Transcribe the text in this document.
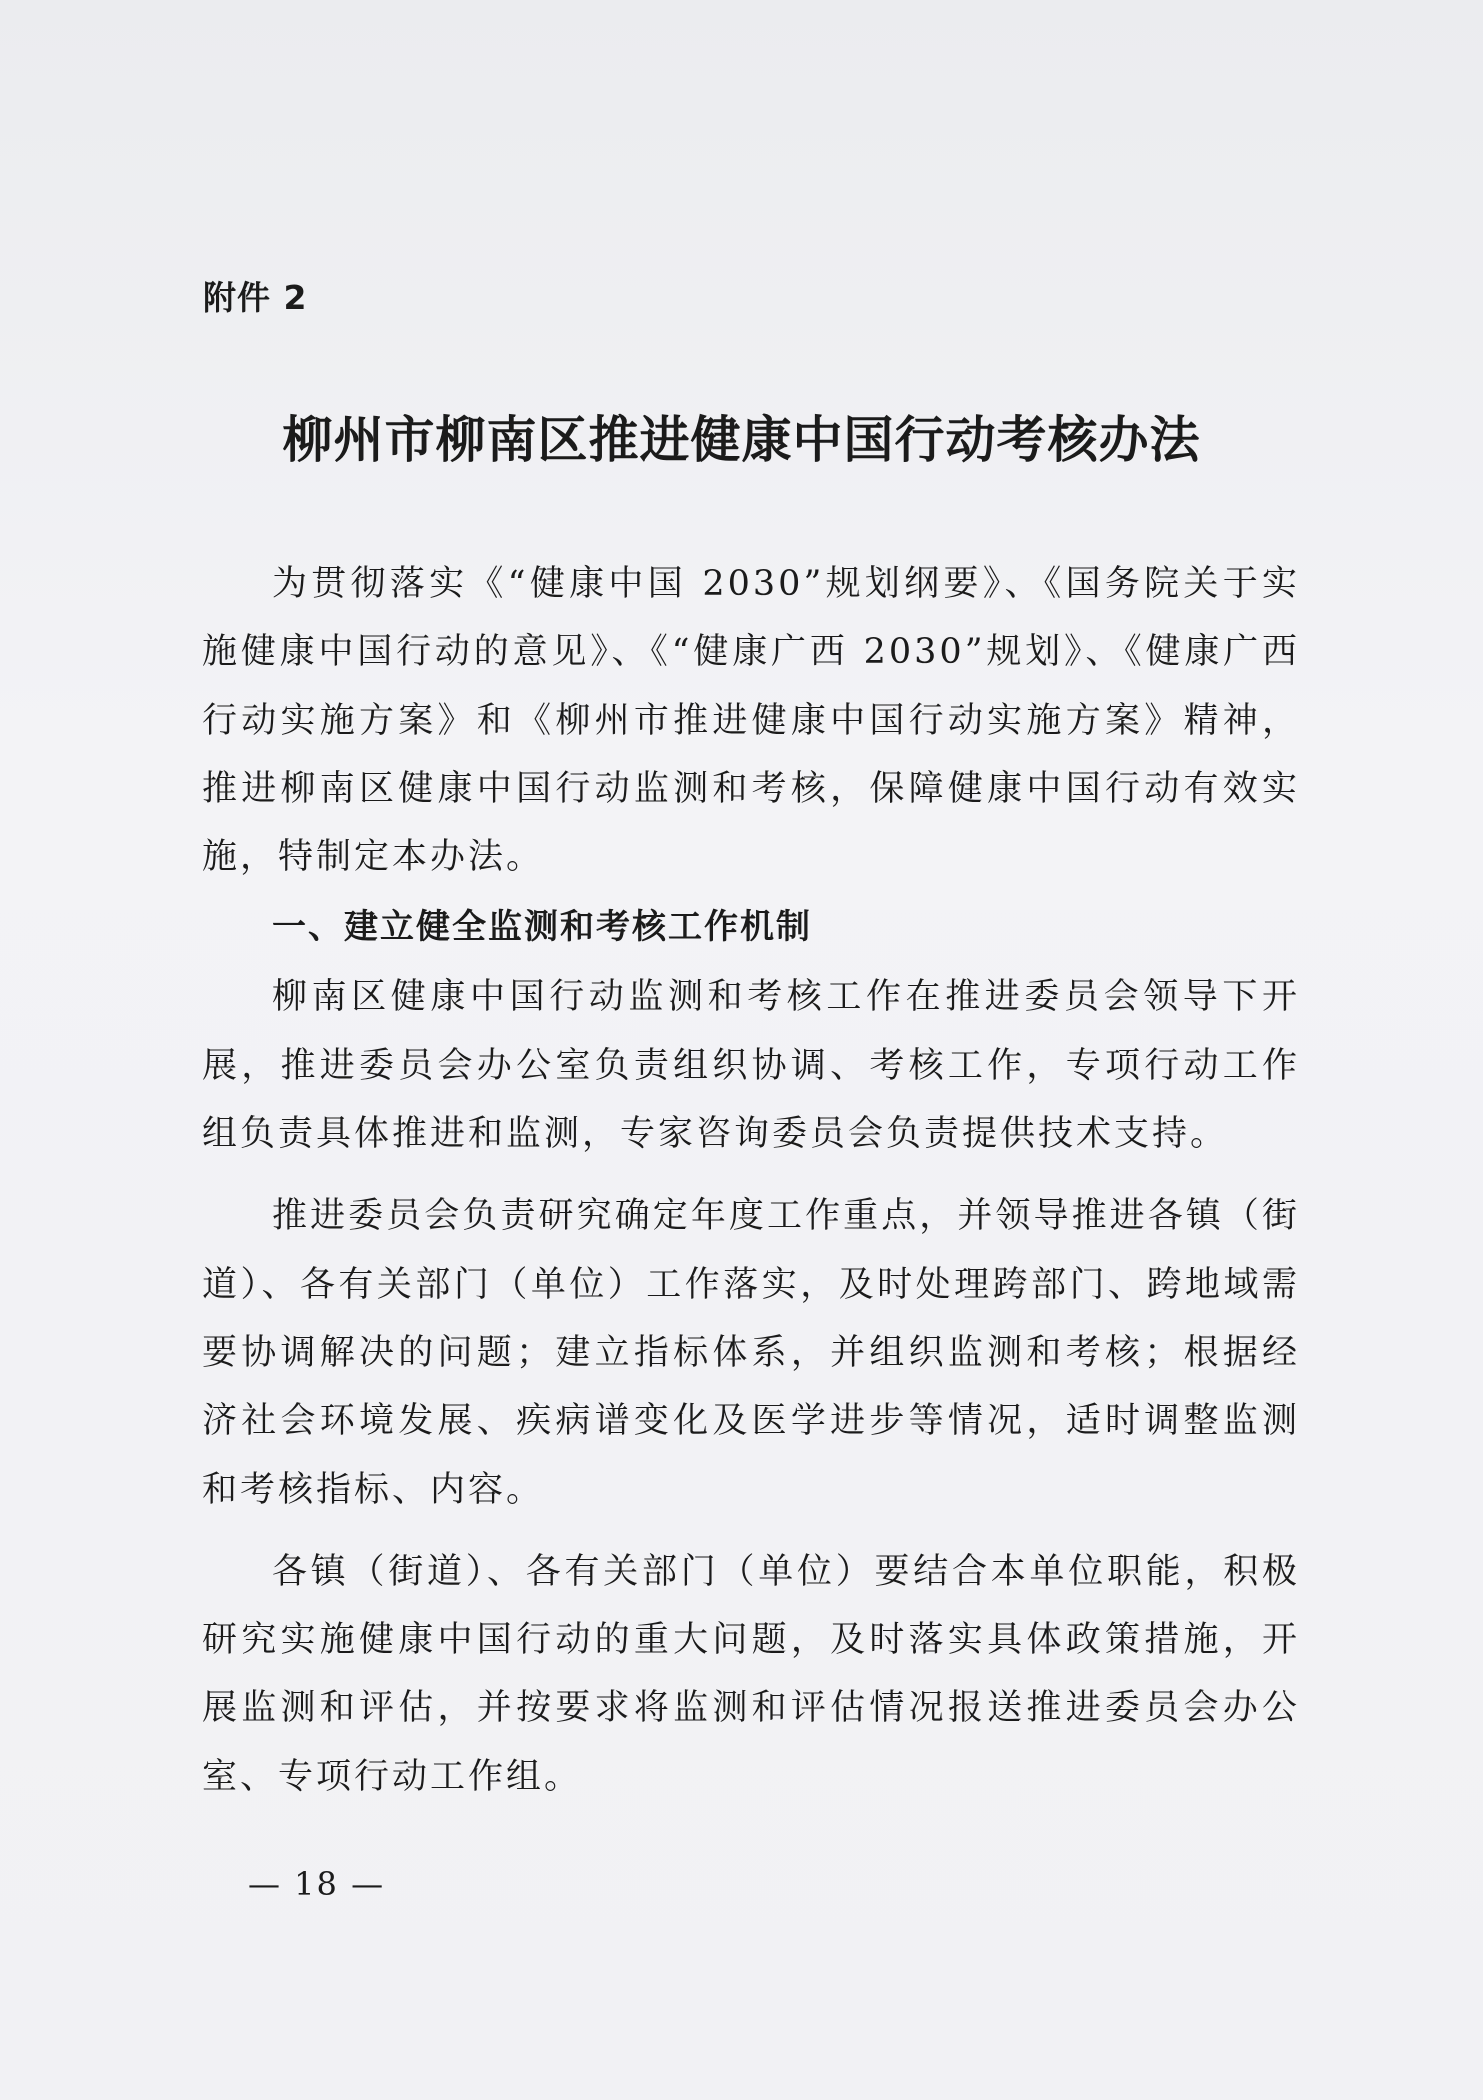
附件 2
柳州市柳南区推进健康中国行动考核办法

为贯彻落实《“健康中国 2030”规划纲要》、《国务院关于实施健康中国行动的意见》、《“健康广西 2030”规划》、《健康广西行动实施方案》和《柳州市推进健康中国行动实施方案》精神，推进柳南区健康中国行动监测和考核，保障健康中国行动有效实施，特制定本办法。

一、建立健全监测和考核工作机制

柳南区健康中国行动监测和考核工作在推进委员会领导下开展，推进委员会办公室负责组织协调、考核工作，专项行动工作组负责具体推进和监测，专家咨询委员会负责提供技术支持。

推进委员会负责研究确定年度工作重点，并领导推进各镇（街道）、各有关部门（单位）工作落实，及时处理跨部门、跨地域需要协调解决的问题；建立指标体系，并组织监测和考核；根据经济社会环境发展、疾病谱变化及医学进步等情况，适时调整监测和考核指标、内容。

各镇（街道）、各有关部门（单位）要结合本单位职能，积极研究实施健康中国行动的重大问题，及时落实具体政策措施，开展监测和评估，并按要求将监测和评估情况报送推进委员会办公室、专项行动工作组。

— 18 —
